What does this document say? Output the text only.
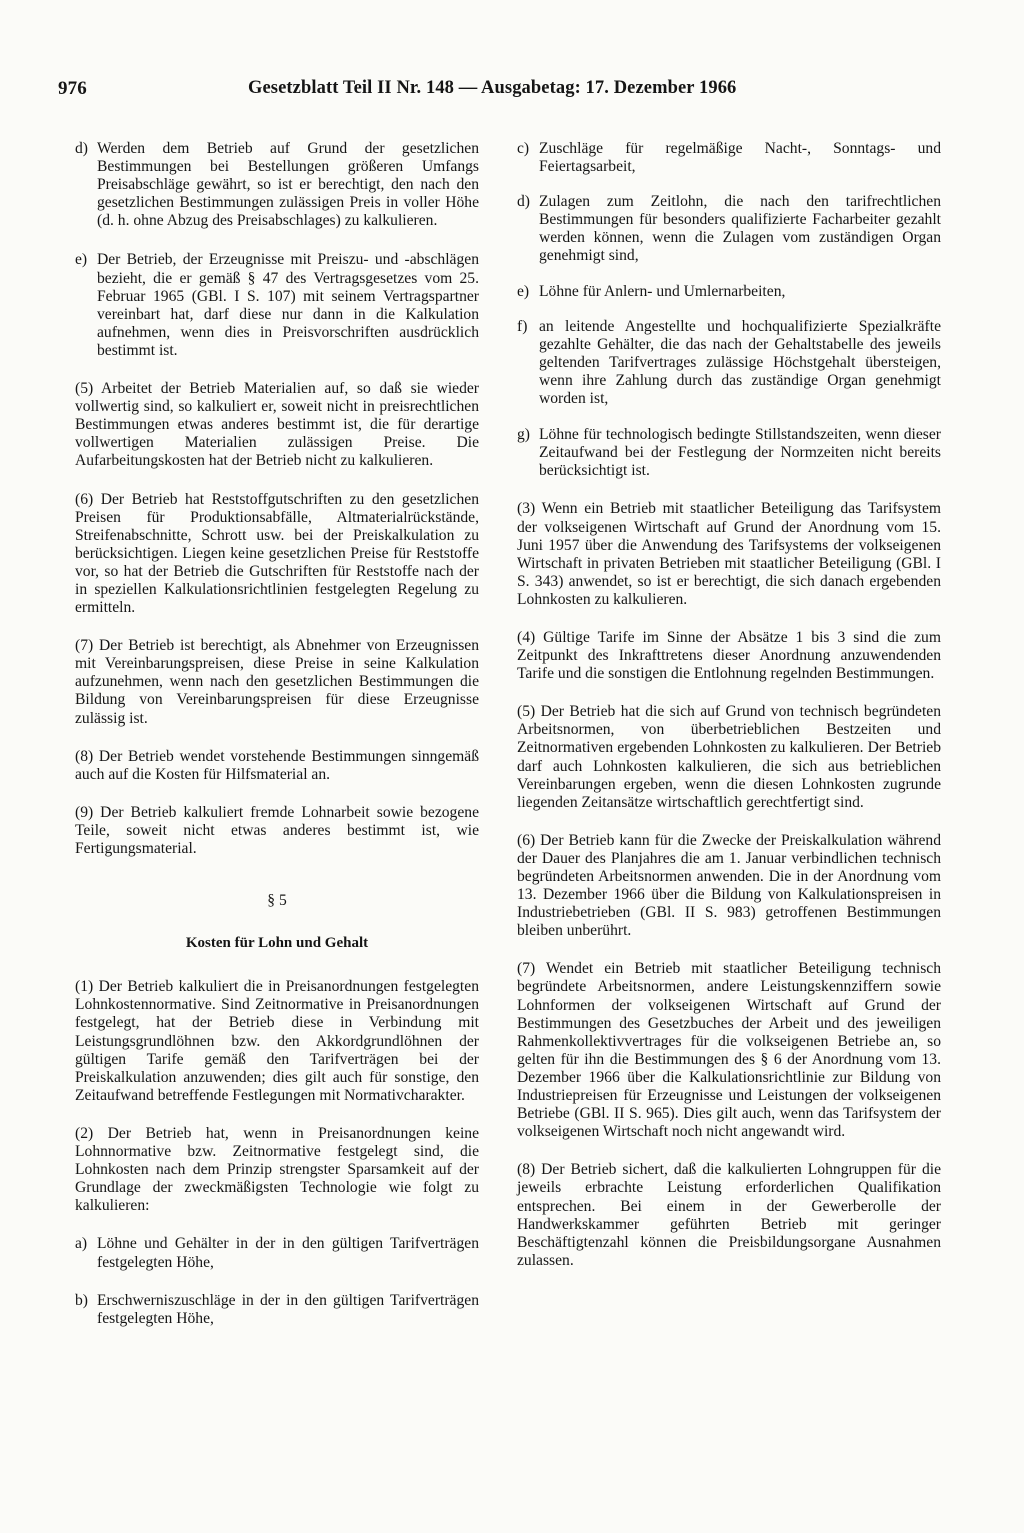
976	Gesetzblatt Teil II Nr. 148 — Ausgabetag: 17. Dezember 1966
d) Werden dem Betrieb auf Grund der gesetzlichen Bestimmungen bei Bestellungen größeren Umfangs Preisabschläge gewährt, so ist er berechtigt, den nach den gesetzlichen Bestimmungen zulässigen Preis in voller Höhe (d. h. ohne Abzug des Preisabschlages) zu kalkulieren.
e) Der Betrieb, der Erzeugnisse mit Preiszu- und -abschlägen bezieht, die er gemäß § 47 des Vertragsgesetzes vom 25. Februar 1965 (GBl. I S. 107) mit seinem Vertragspartner vereinbart hat, darf diese nur dann in die Kalkulation aufnehmen, wenn dies in Preisvorschriften ausdrücklich bestimmt ist.

(5) Arbeitet der Betrieb Materialien auf, so daß sie wieder vollwertig sind, so kalkuliert er, soweit nicht in preisrechtlichen Bestimmungen etwas anderes bestimmt ist, die für derartige vollwertigen Materialien zulässigen Preise. Die Aufarbeitungskosten hat der Betrieb nicht zu kalkulieren.

(6) Der Betrieb hat Reststoffgutschriften zu den gesetzlichen Preisen für Produktionsabfälle, Altmaterialrückstände, Streifenabschnitte, Schrott usw. bei der Preiskalkulation zu berücksichtigen. Liegen keine gesetzlichen Preise für Reststoffe vor, so hat der Betrieb die Gutschriften für Reststoffe nach der in speziellen Kalkulationsrichtlinien festgelegten Regelung zu ermitteln.

(7) Der Betrieb ist berechtigt, als Abnehmer von Erzeugnissen mit Vereinbarungspreisen, diese Preise in seine Kalkulation aufzunehmen, wenn nach den gesetzlichen Bestimmungen die Bildung von Vereinbarungspreisen für diese Erzeugnisse zulässig ist.

(8) Der Betrieb wendet vorstehende Bestimmungen sinngemäß auch auf die Kosten für Hilfsmaterial an.

(9) Der Betrieb kalkuliert fremde Lohnarbeit sowie bezogene Teile, soweit nicht etwas anderes bestimmt ist, wie Fertigungsmaterial.

§ 5

Kosten für Lohn und Gehalt

(1) Der Betrieb kalkuliert die in Preisanordnungen festgelegten Lohnkostennormative. Sind Zeitnormative in Preisanordnungen festgelegt, hat der Betrieb diese in Verbindung mit Leistungsgrundlöhnen bzw. den Akkordgrundlöhnen der gültigen Tarife gemäß den Tarifverträgen bei der Preiskalkulation anzuwenden; dies gilt auch für sonstige, den Zeitaufwand betreffende Festlegungen mit Normativcharakter.

(2) Der Betrieb hat, wenn in Preisanordnungen keine Lohnnormative bzw. Zeitnormative festgelegt sind, die Lohnkosten nach dem Prinzip strengster Sparsamkeit auf der Grundlage der zweckmäßigsten Technologie wie folgt zu kalkulieren:

a) Löhne und Gehälter in der in den gültigen Tarifverträgen festgelegten Höhe,
b) Erschwerniszuschläge in der in den gültigen Tarifverträgen festgelegten Höhe,
c) Zuschläge für regelmäßige Nacht-, Sonntags- und Feiertagsarbeit,
d) Zulagen zum Zeitlohn, die nach den tarifrechtlichen Bestimmungen für besonders qualifizierte Facharbeiter gezahlt werden können, wenn die Zulagen vom zuständigen Organ genehmigt sind,
e) Löhne für Anlern- und Umlernarbeiten,
f) an leitende Angestellte und hochqualifizierte Spezialkräfte gezahlte Gehälter, die das nach der Gehaltstabelle des jeweils geltenden Tarifvertrages zulässige Höchstgehalt übersteigen, wenn ihre Zahlung durch das zuständige Organ genehmigt worden ist,
g) Löhne für technologisch bedingte Stillstandszeiten, wenn dieser Zeitaufwand bei der Festlegung der Normzeiten nicht bereits berücksichtigt ist.

(3) Wenn ein Betrieb mit staatlicher Beteiligung das Tarifsystem der volkseigenen Wirtschaft auf Grund der Anordnung vom 15. Juni 1957 über die Anwendung des Tarifsystems der volkseigenen Wirtschaft in privaten Betrieben mit staatlicher Beteiligung (GBl. I S. 343) anwendet, so ist er berechtigt, die sich danach ergebenden Lohnkosten zu kalkulieren.

(4) Gültige Tarife im Sinne der Absätze 1 bis 3 sind die zum Zeitpunkt des Inkrafttretens dieser Anordnung anzuwendenden Tarife und die sonstigen die Entlohnung regelnden Bestimmungen.

(5) Der Betrieb hat die sich auf Grund von technisch begründeten Arbeitsnormen, von überbetrieblichen Bestzeiten und Zeitnormativen ergebenden Lohnkosten zu kalkulieren. Der Betrieb darf auch Lohnkosten kalkulieren, die sich aus betrieblichen Vereinbarungen ergeben, wenn die diesen Lohnkosten zugrunde liegenden Zeitansätze wirtschaftlich gerechtfertigt sind.

(6) Der Betrieb kann für die Zwecke der Preiskalkulation während der Dauer des Planjahres die am 1. Januar verbindlichen technisch begründeten Arbeitsnormen anwenden. Die in der Anordnung vom 13. Dezember 1966 über die Bildung von Kalkulationspreisen in Industriebetrieben (GBl. II S. 983) getroffenen Bestimmungen bleiben unberührt.

(7) Wendet ein Betrieb mit staatlicher Beteiligung technisch begründete Arbeitsnormen, andere Leistungskennziffern sowie Lohnformen der volkseigenen Wirtschaft auf Grund der Bestimmungen des Gesetzbuches der Arbeit und des jeweiligen Rahmenkollektivvertrages für die volkseigenen Betriebe an, so gelten für ihn die Bestimmungen des § 6 der Anordnung vom 13. Dezember 1966 über die Kalkulationsrichtlinie zur Bildung von Industriepreisen für Erzeugnisse und Leistungen der volkseigenen Betriebe (GBl. II S. 965). Dies gilt auch, wenn das Tarifsystem der volkseigenen Wirtschaft noch nicht angewandt wird.

(8) Der Betrieb sichert, daß die kalkulierten Lohngruppen für die jeweils erbrachte Leistung erforderlichen Qualifikation entsprechen. Bei einem in der Gewerberolle der Handwerkskammer geführten Betrieb mit geringer Beschäftigtenzahl können die Preisbildungsorgane Ausnahmen zulassen.
